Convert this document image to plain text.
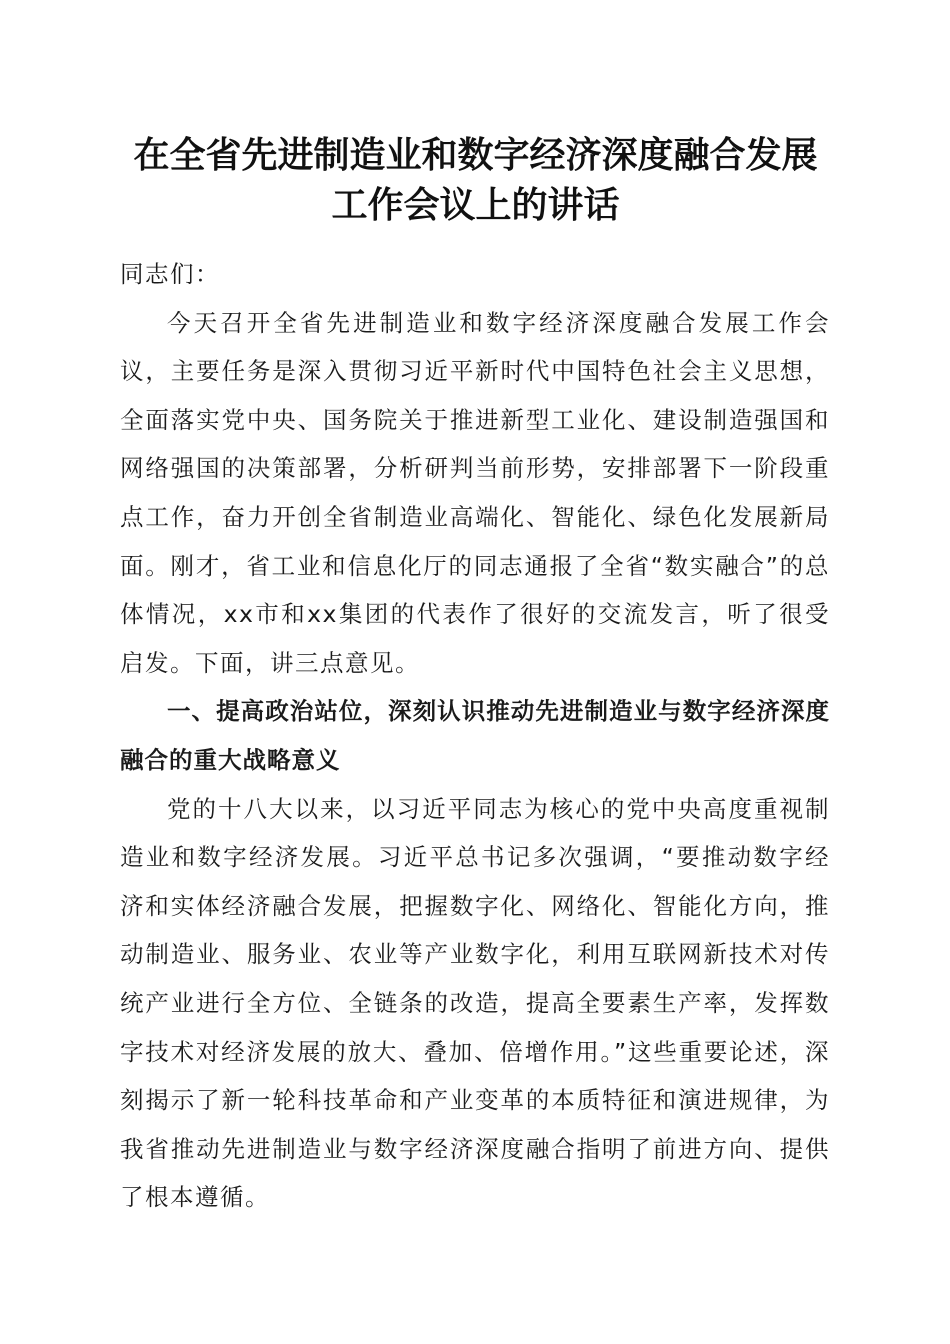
在全省先进制造业和数字经济深度融合发展工作会议上的讲话

同志们：

今天召开全省先进制造业和数字经济深度融合发展工作会议，主要任务是深入贯彻习近平新时代中国特色社会主义思想，全面落实党中央、国务院关于推进新型工业化、建设制造强国和网络强国的决策部署，分析研判当前形势，安排部署下一阶段重点工作，奋力开创全省制造业高端化、智能化、绿色化发展新局面。刚才，省工业和信息化厅的同志通报了全省“数实融合”的总体情况，xx市和xx集团的代表作了很好的交流发言，听了很受启发。下面，讲三点意见。

一、提高政治站位，深刻认识推动先进制造业与数字经济深度融合的重大战略意义

党的十八大以来，以习近平同志为核心的党中央高度重视制造业和数字经济发展。习近平总书记多次强调，“要推动数字经济和实体经济融合发展，把握数字化、网络化、智能化方向，推动制造业、服务业、农业等产业数字化，利用互联网新技术对传统产业进行全方位、全链条的改造，提高全要素生产率，发挥数字技术对经济发展的放大、叠加、倍增作用。”这些重要论述，深刻揭示了新一轮科技革命和产业变革的本质特征和演进规律，为我省推动先进制造业与数字经济深度融合指明了前进方向、提供了根本遵循。
